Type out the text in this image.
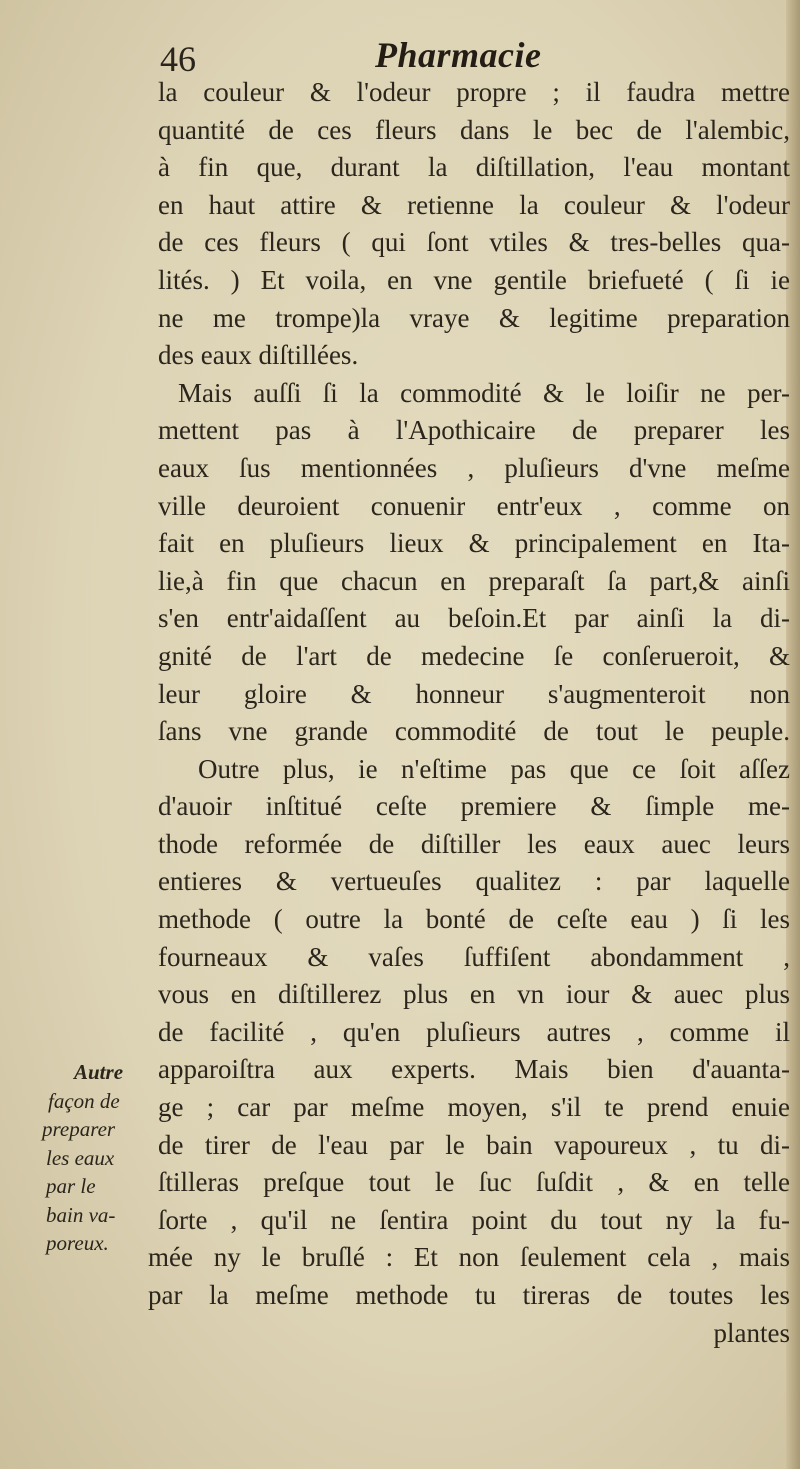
46	Pharmacie
la couleur & l'odeur propre ; il faudra mettre
quantité de ces fleurs dans le bec de l'alembic,
à fin que, durant la diſtillation, l'eau montant
en haut attire & retienne la couleur & l'odeur
de ces fleurs ( qui ſont vtiles & tres-belles qua-
lités. ) Et voila, en vne gentile briefueté ( ſi ie
ne me trompe)la vraye & legitime preparation
des eaux diſtillées.
Mais auſſi ſi la commodité & le loiſir ne per-
mettent pas à l'Apothicaire de preparer les
eaux ſus mentionnées , pluſieurs d'vne meſme
ville deuroient conuenir entr'eux , comme on
fait en pluſieurs lieux & principalement en Ita-
lie,à fin que chacun en preparaſt ſa part,& ainſi
s'en entr'aidaſſent au beſoin.Et par ainſi la di-
gnité de l'art de medecine ſe conſerueroit, &
leur gloire & honneur s'augmenteroit non
ſans vne grande commodité de tout le peuple.
Outre plus, ie n'eſtime pas que ce ſoit aſſez
d'auoir inſtitué ceſte premiere & ſimple me-
thode reformée de diſtiller les eaux auec leurs
entieres & vertueuſes qualitez : par laquelle
methode ( outre la bonté de ceſte eau ) ſi les
fourneaux & vaſes ſuffiſent abondamment ,
vous en diſtillerez plus en vn iour & auec plus
de facilité , qu'en pluſieurs autres , comme il
apparoiſtra aux experts. Mais bien d'auanta-
ge ; car par meſme moyen, s'il te prend enuie
de tirer de l'eau par le bain vapoureux , tu di-
ſtilleras preſque tout le ſuc ſuſdit , & en telle
ſorte , qu'il ne ſentira point du tout ny la fu-
mée ny le bruſlé : Et non ſeulement cela , mais
par la meſme methode tu tireras de toutes les
plantes
Autre
façon de
preparer
les eaux
par le
bain va-
poreux.
